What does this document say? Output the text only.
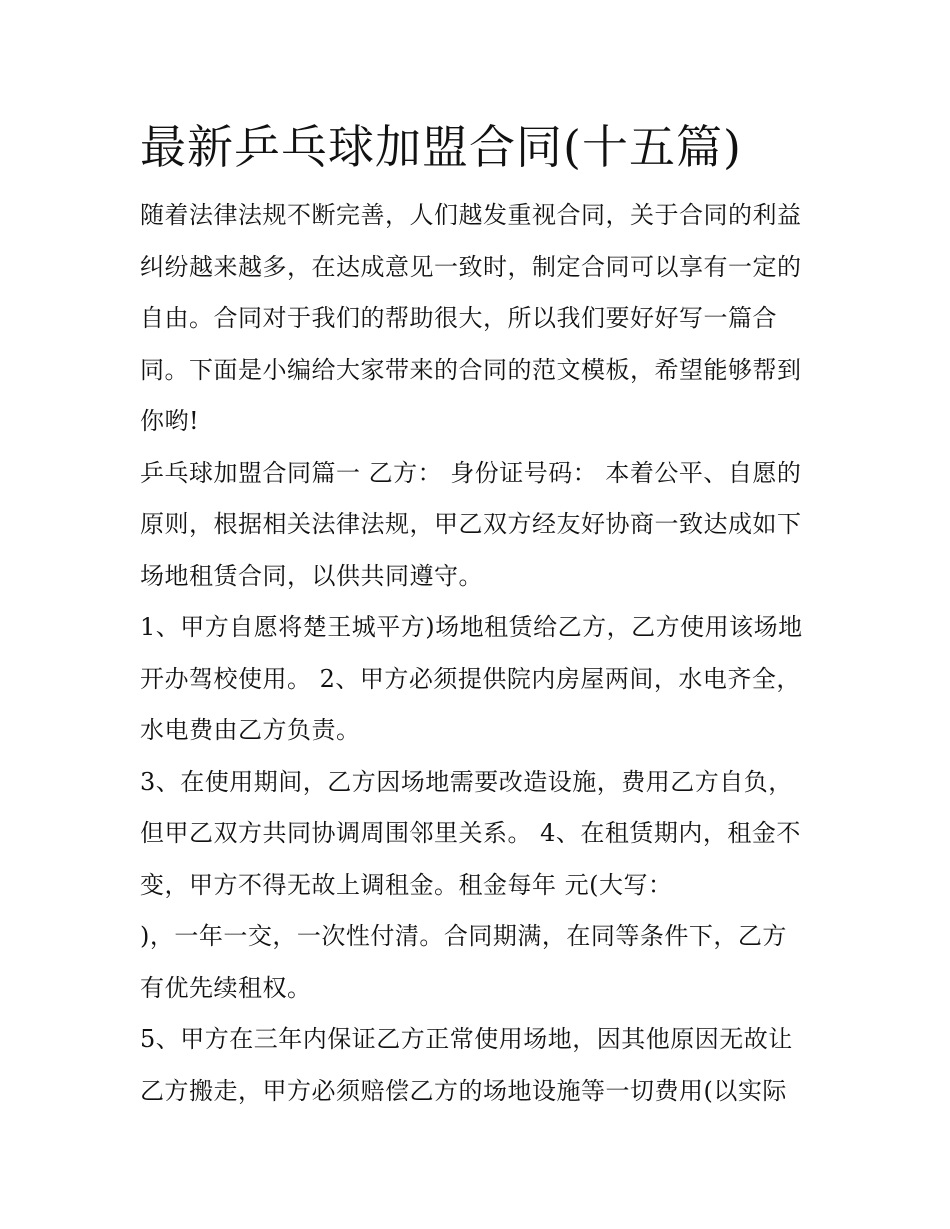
最新乒乓球加盟合同(十五篇)
随着法律法规不断完善，人们越发重视合同，关于合同的利益
纠纷越来越多，在达成意见一致时，制定合同可以享有一定的
自由。合同对于我们的帮助很大，所以我们要好好写一篇合
同。下面是小编给大家带来的合同的范文模板，希望能够帮到
你哟!
乒乓球加盟合同篇一 乙方： 身份证号码： 本着公平、自愿的
原则，根据相关法律法规，甲乙双方经友好协商一致达成如下
场地租赁合同，以供共同遵守。
1、甲方自愿将楚王城平方)场地租赁给乙方，乙方使用该场地
开办驾校使用。 2、甲方必须提供院内房屋两间，水电齐全，
水电费由乙方负责。
3、在使用期间，乙方因场地需要改造设施，费用乙方自负，
但甲乙双方共同协调周围邻里关系。 4、在租赁期内，租金不
变，甲方不得无故上调租金。租金每年 元(大写：
)，一年一交，一次性付清。合同期满，在同等条件下，乙方
有优先续租权。
5、甲方在三年内保证乙方正常使用场地，因其他原因无故让
乙方搬走，甲方必须赔偿乙方的场地设施等一切费用(以实际
